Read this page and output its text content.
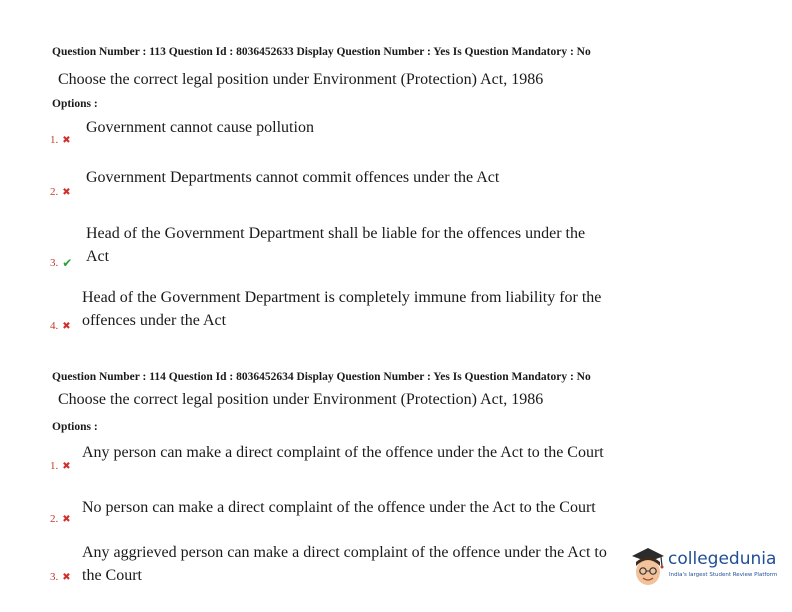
Question Number : 113 Question Id : 8036452633 Display Question Number : Yes Is Question Mandatory : No
Choose the correct legal position under Environment (Protection) Act, 1986
Options :
Government cannot cause pollution
1. ✖
Government Departments cannot commit offences under the Act
2. ✖
Head of the Government Department shall be liable for the offences under the
Act
3. ✔
Head of the Government Department is completely immune from liability for the
offences under the Act
4. ✖
Question Number : 114 Question Id : 8036452634 Display Question Number : Yes Is Question Mandatory : No
Choose the correct legal position under Environment (Protection) Act, 1986
Options :
Any person can make a direct complaint of the offence under the Act to the Court
1. ✖
No person can make a direct complaint of the offence under the Act to the Court
2. ✖
Any aggrieved person can make a direct complaint of the offence under the Act to
the Court
3. ✖
collegedunia
India's largest Student Review Platform
